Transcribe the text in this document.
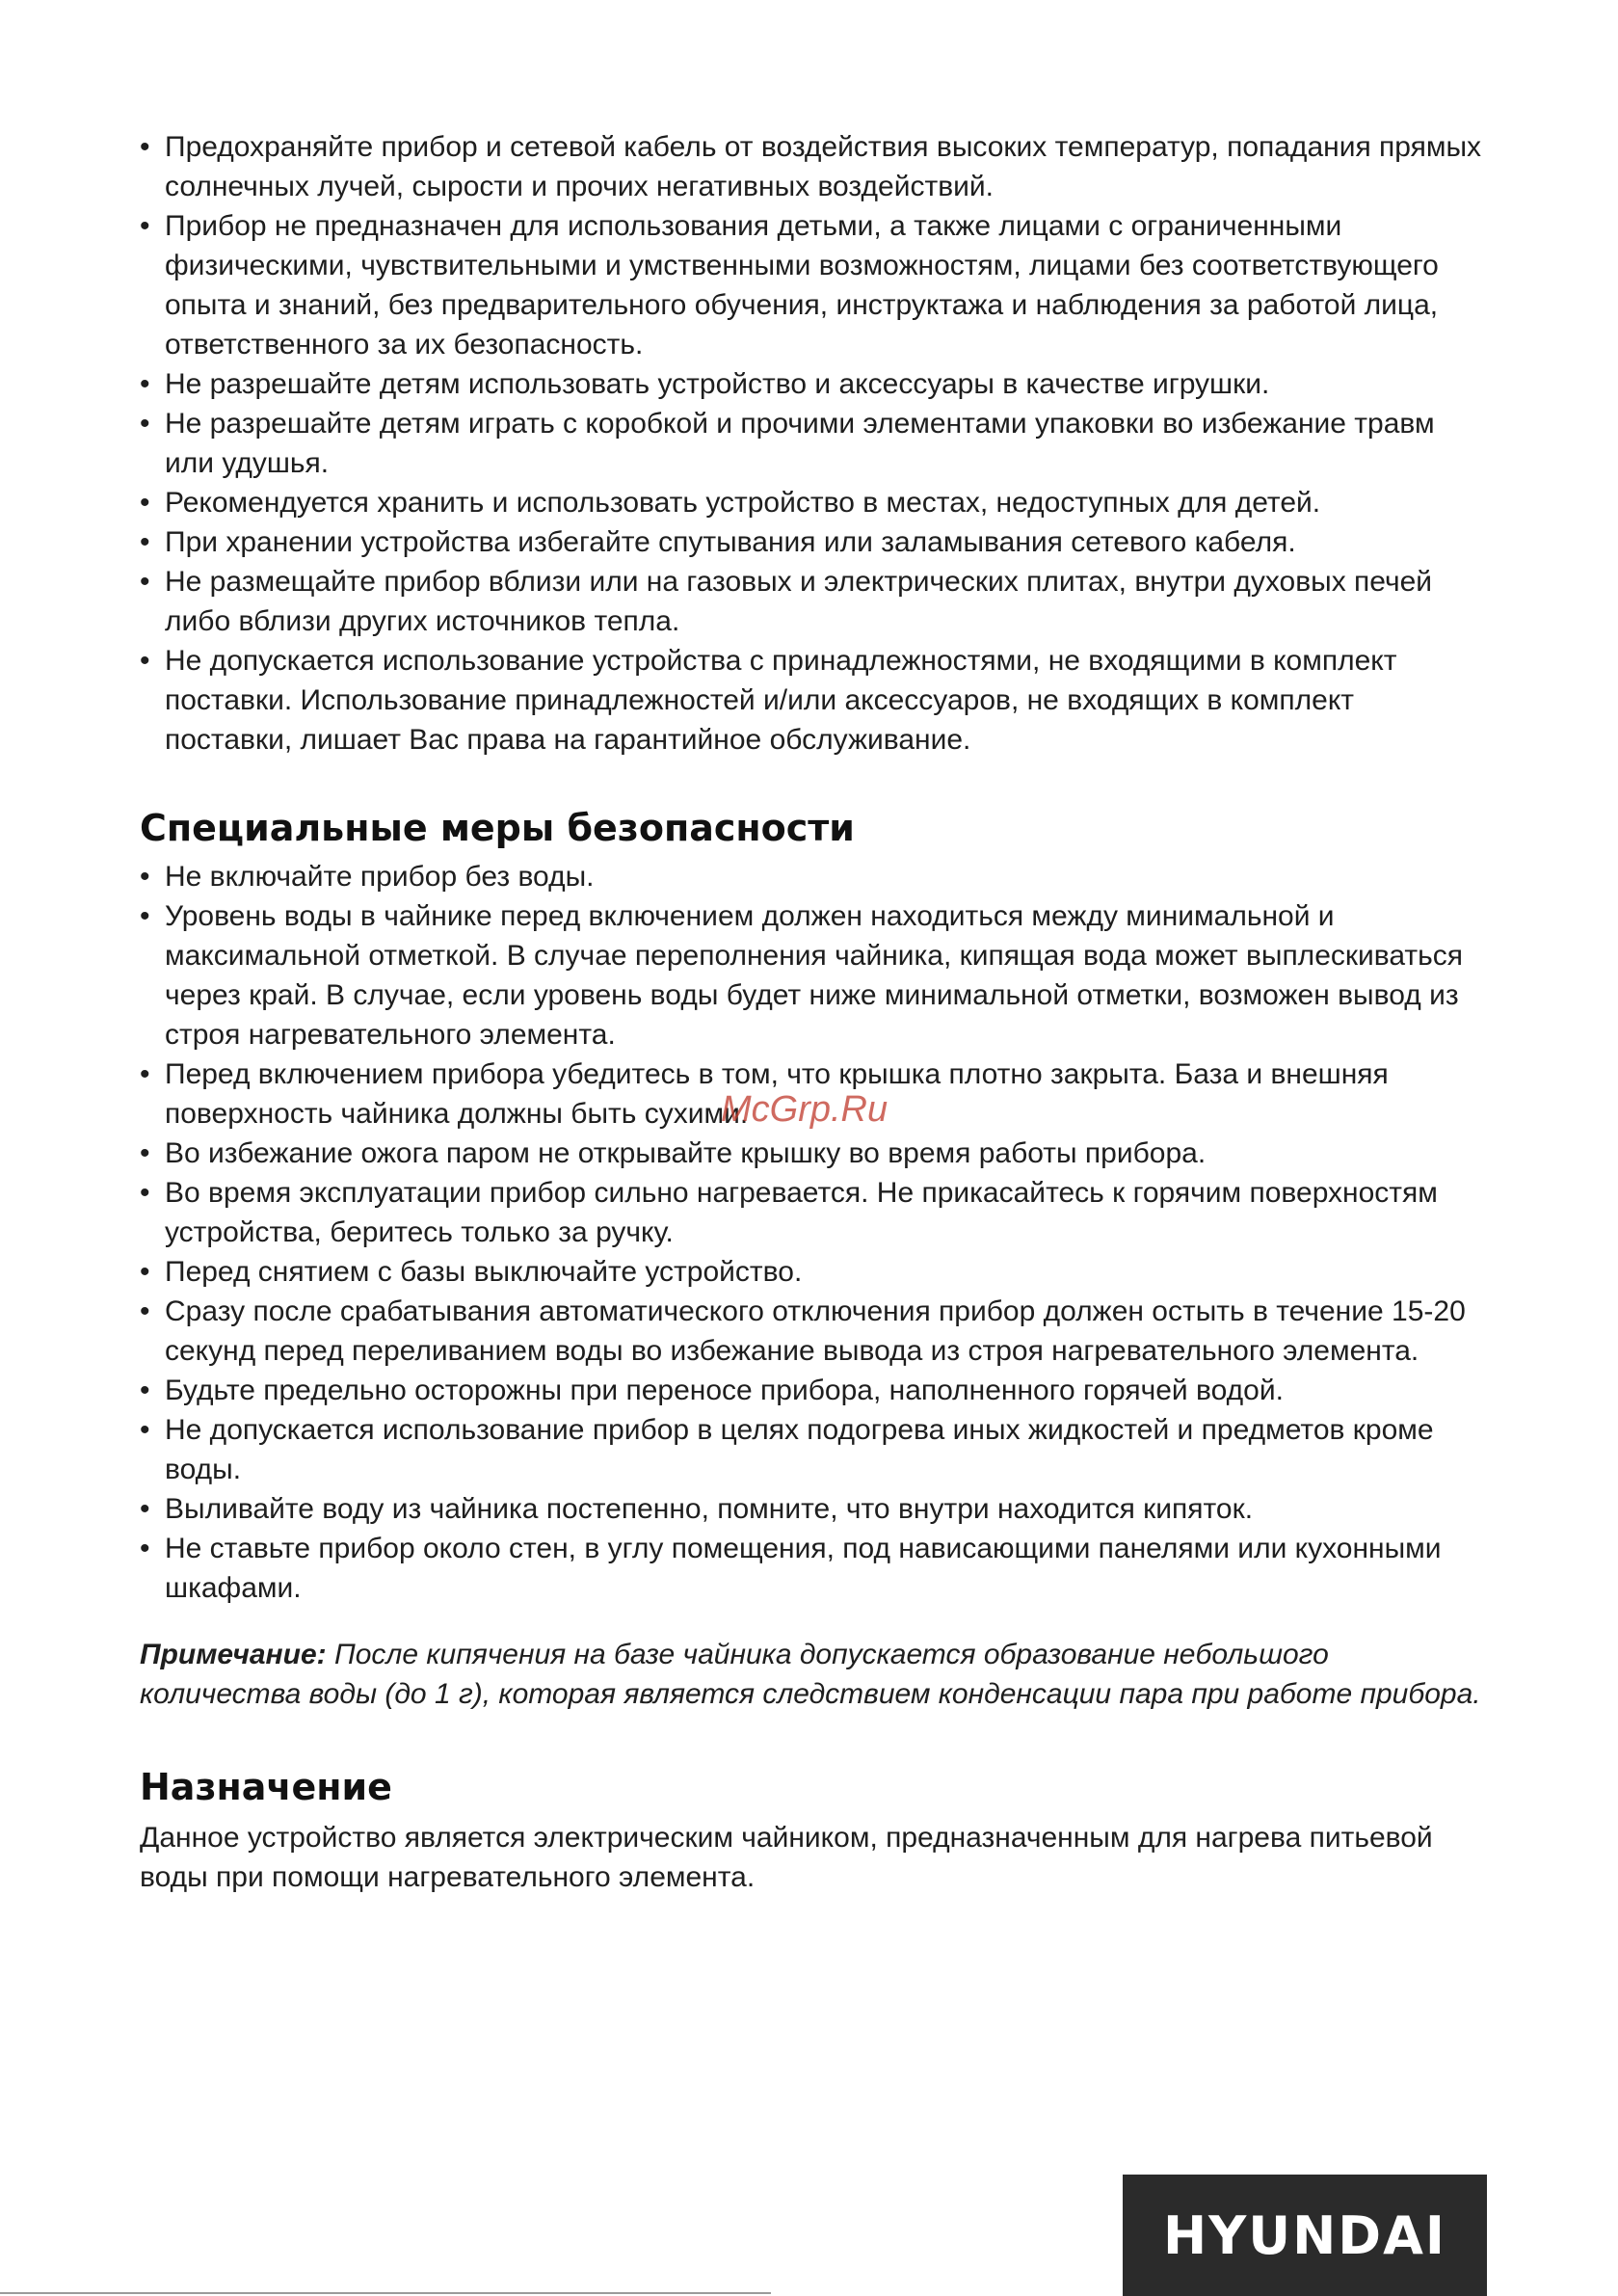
• Предохраняйте прибор и сетевой кабель от воздействия высоких температур, попадания прямых солнечных лучей, сырости и прочих негативных воздействий.
• Прибор не предназначен для использования детьми, а также лицами с ограниченными физическими, чувствительными и умственными возможностям, лицами без соответствующего опыта и знаний, без предварительного обучения, инструктажа и наблюдения за работой лица, ответственного за их безопасность.
• Не разрешайте детям использовать устройство и аксессуары в качестве игрушки.
• Не разрешайте детям играть с коробкой и прочими элементами упаковки во избежание травм или удушья.
• Рекомендуется хранить и использовать устройство в местах, недоступных для детей.
• При хранении устройства избегайте спутывания или заламывания сетевого кабеля.
• Не размещайте прибор вблизи или на газовых и электрических плитах, внутри духовых печей либо вблизи других источников тепла.
• Не допускается использование устройства с принадлежностями, не входящими в комплект поставки. Использование принадлежностей и/или аксессуаров, не входящих в комплект поставки, лишает Вас права на гарантийное обслуживание.
Специальные меры безопасности
• Не включайте прибор без воды.
• Уровень воды в чайнике перед включением должен находиться между минимальной и максимальной отметкой. В случае переполнения чайника, кипящая вода может выплескиваться через край. В случае, если уровень воды будет ниже минимальной отметки, возможен вывод из строя нагревательного элемента.
• Перед включением прибора убедитесь в том, что крышка плотно закрыта. База и внешняя поверхность чайника должны быть сухими.
• Во избежание ожога паром не открывайте крышку во время работы прибора.
• Во время эксплуатации прибор сильно нагревается. Не прикасайтесь к горячим поверхностям устройства, беритесь только за ручку.
• Перед снятием с базы выключайте устройство.
• Сразу после срабатывания автоматического отключения прибор должен остыть в течение 15-20 секунд перед переливанием воды во избежание вывода из строя нагревательного элемента.
• Будьте предельно осторожны при переносе прибора, наполненного горячей водой.
• Не допускается использование прибор в целях подогрева иных жидкостей и предметов кроме воды.
• Выливайте воду из чайника постепенно, помните, что внутри находится кипяток.
• Не ставьте прибор около стен, в углу помещения, под нависающими панелями или кухонными шкафами.

Примечание: После кипячения на базе чайника допускается образование небольшого количества воды (до 1 г), которая является следствием конденсации пара при работе прибора.

Назначение

Данное устройство является электрическим чайником, предназначенным для нагрева питьевой воды при помощи нагревательного элемента.

McGrp.Ru
HYUNDAI
